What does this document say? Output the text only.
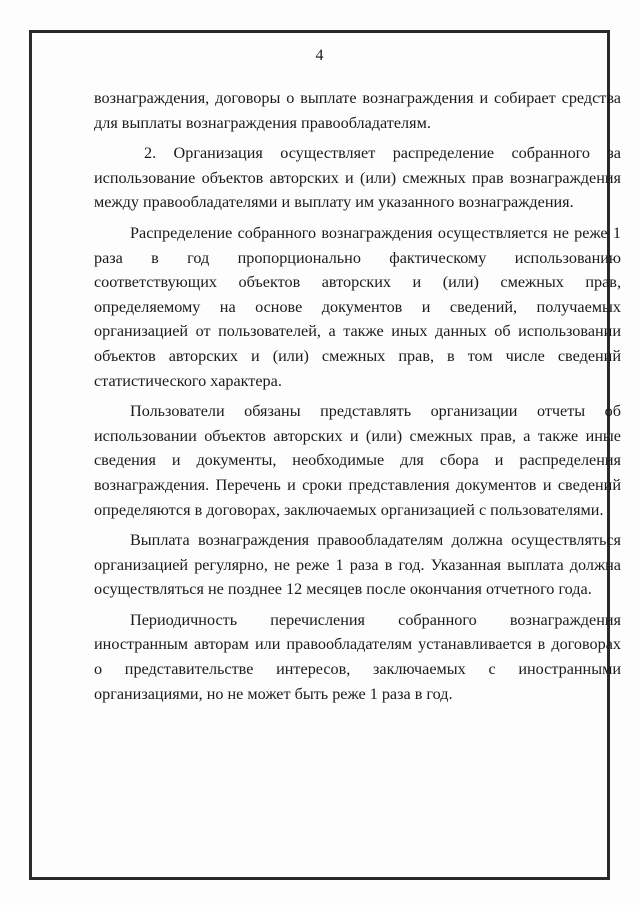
4

вознаграждения, договоры о выплате вознаграждения и собирает средства для выплаты вознаграждения правообладателям.

2. Организация осуществляет распределение собранного за использование объектов авторских и (или) смежных прав вознаграждения между правообладателями и выплату им указанного вознаграждения.

Распределение собранного вознаграждения осуществляется не реже 1 раза в год пропорционально фактическому использованию соответствующих объектов авторских и (или) смежных прав, определяемому на основе документов и сведений, получаемых организацией от пользователей, а также иных данных об использовании объектов авторских и (или) смежных прав, в том числе сведений статистического характера.

Пользователи обязаны представлять организации отчеты об использовании объектов авторских и (или) смежных прав, а также иные сведения и документы, необходимые для сбора и распределения вознаграждения. Перечень и сроки представления документов и сведений определяются в договорах, заключаемых организацией с пользователями.

Выплата вознаграждения правообладателям должна осуществляться организацией регулярно, не реже 1 раза в год. Указанная выплата должна осуществляться не позднее 12 месяцев после окончания отчетного года.

Периодичность перечисления собранного вознаграждения иностранным авторам или правообладателям устанавливается в договорах о представительстве интересов, заключаемых с иностранными организациями, но не может быть реже 1 раза в год.
